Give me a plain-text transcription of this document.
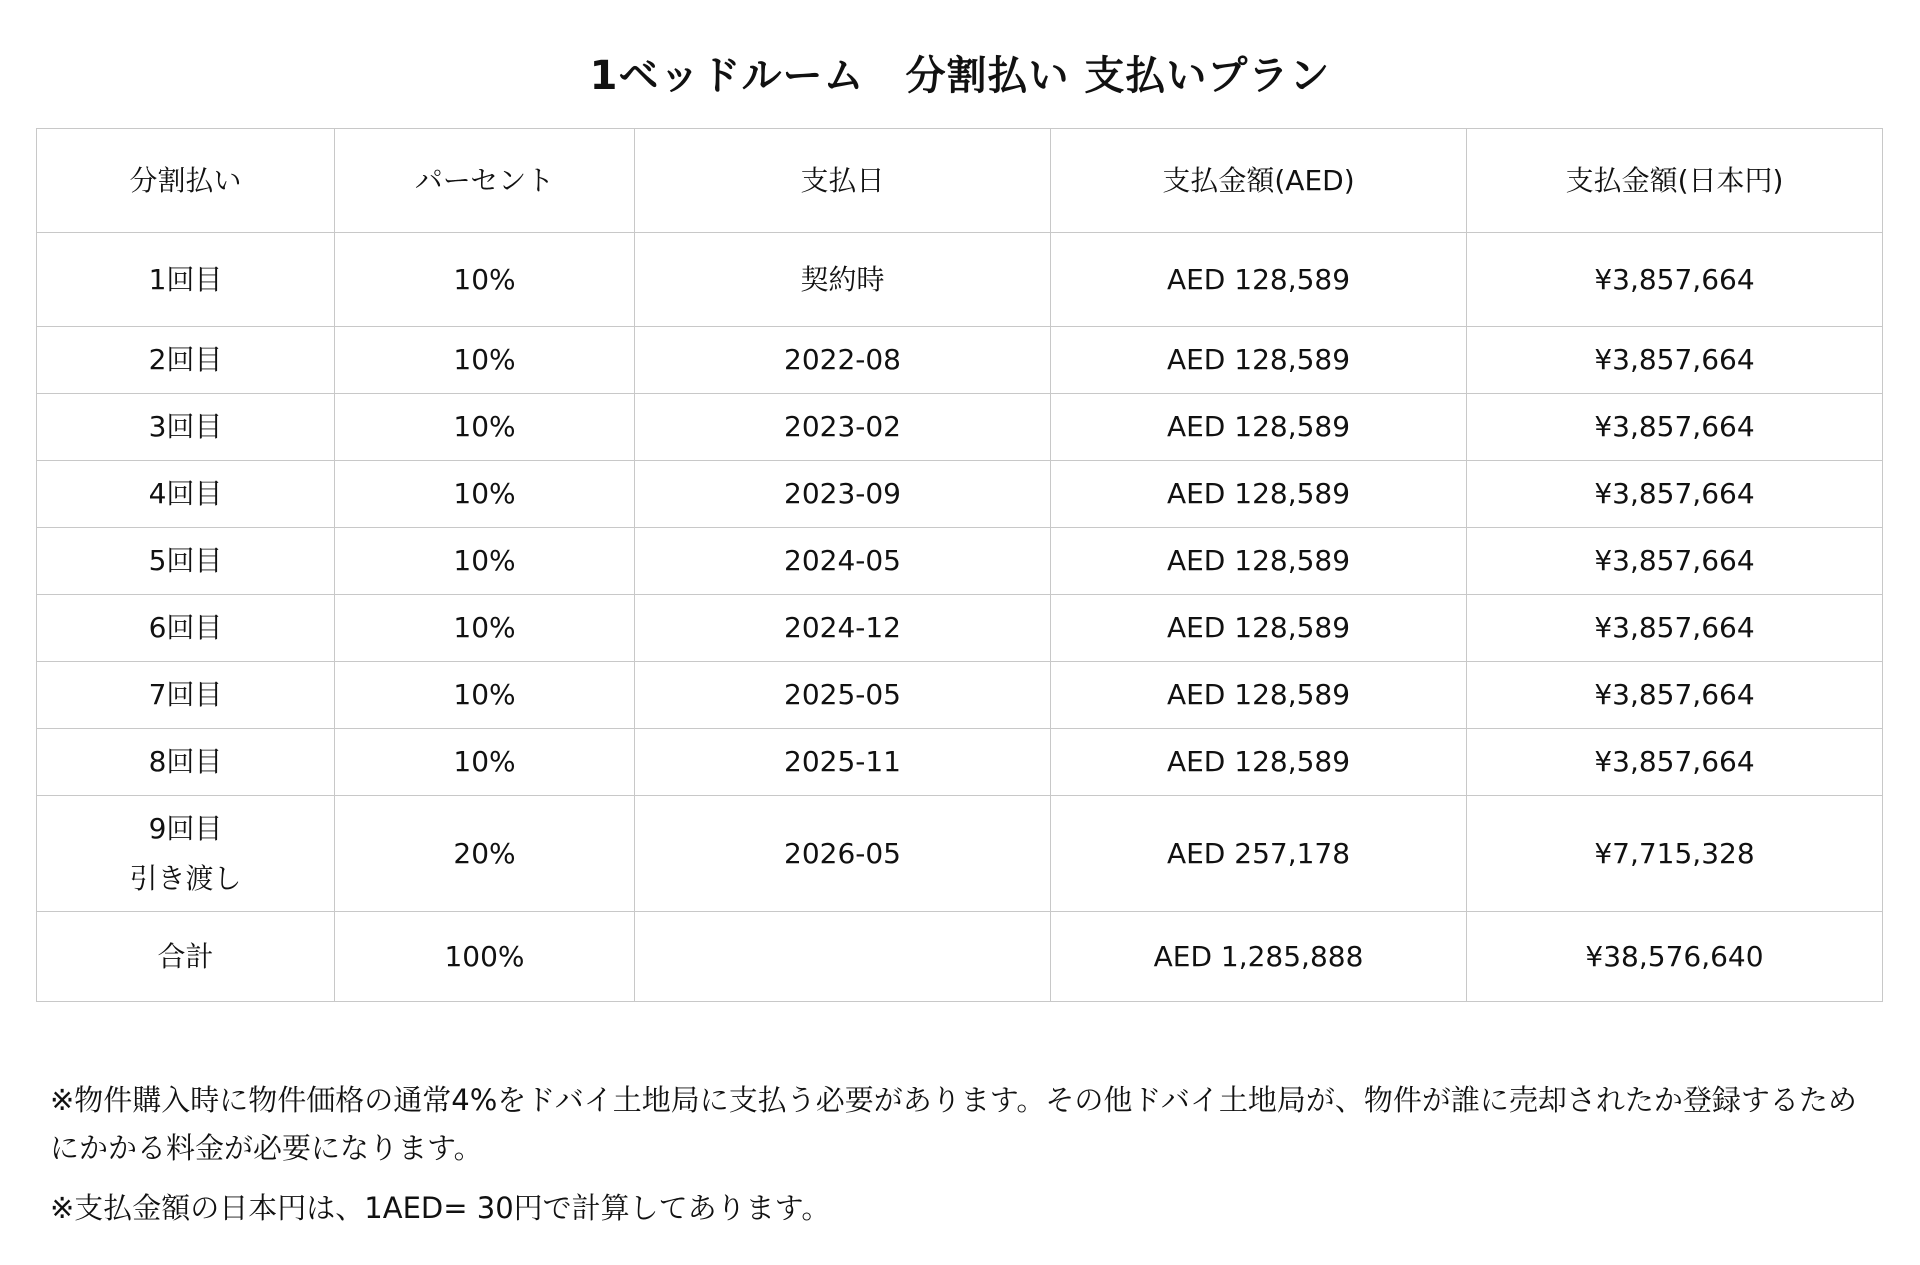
1ベッドルーム　分割払い 支払いプラン
分割払い	パーセント	支払日	支払金額(AED)	支払金額(日本円)
1回目	10%	契約時	AED 128,589	¥3,857,664
2回目	10%	2022-08	AED 128,589	¥3,857,664
3回目	10%	2023-02	AED 128,589	¥3,857,664
4回目	10%	2023-09	AED 128,589	¥3,857,664
5回目	10%	2024-05	AED 128,589	¥3,857,664
6回目	10%	2024-12	AED 128,589	¥3,857,664
7回目	10%	2025-05	AED 128,589	¥3,857,664
8回目	10%	2025-11	AED 128,589	¥3,857,664

9回目
引き渡し	20%	2026-05	AED 257,178	¥7,715,328
合計	100%		AED 1,285,888	¥38,576,640

※物件購入時に物件価格の通常4%をドバイ土地局に支払う必要があります。その他ドバイ土地局が、物件が誰に売却されたか登録するためにかかる料金が必要になります。

※支払金額の日本円は、1AED= 30円で計算してあります。
